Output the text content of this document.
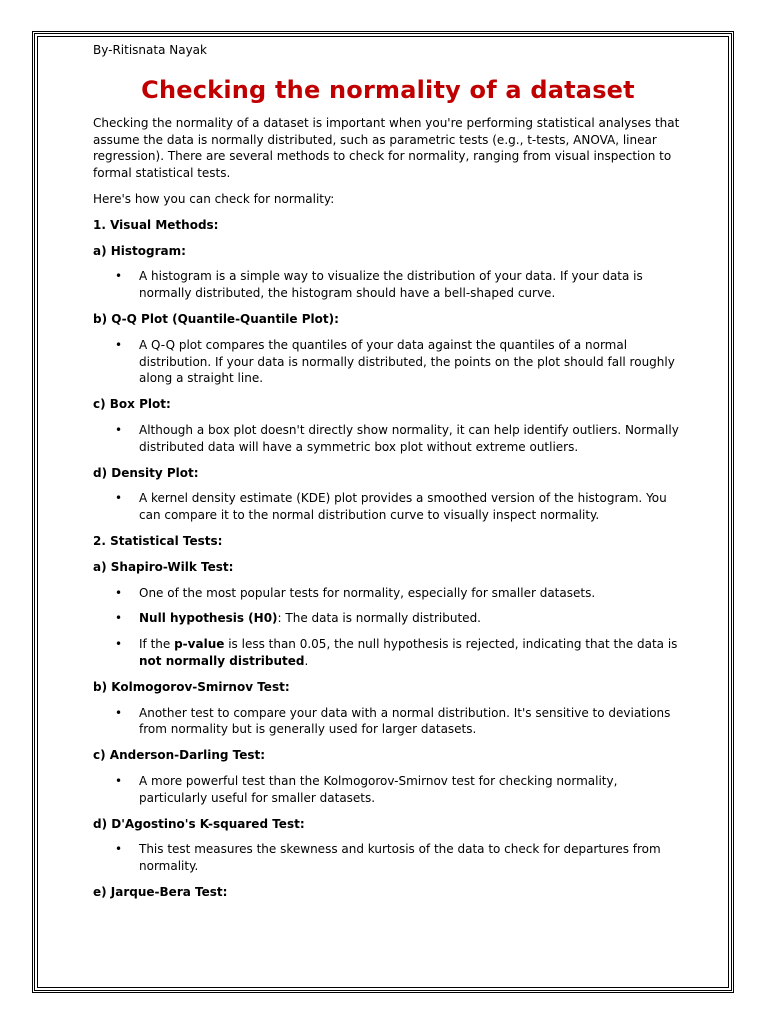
By-Ritisnata Nayak
Checking the normality of a dataset

Checking the normality of a dataset is important when you're performing statistical analyses that assume the data is normally distributed, such as parametric tests (e.g., t-tests, ANOVA, linear regression). There are several methods to check for normality, ranging from visual inspection to formal statistical tests.

Here's how you can check for normality:

1. Visual Methods:
a) Histogram:
• A histogram is a simple way to visualize the distribution of your data. If your data is normally distributed, the histogram should have a bell-shaped curve.
b) Q-Q Plot (Quantile-Quantile Plot):
• A Q-Q plot compares the quantiles of your data against the quantiles of a normal distribution. If your data is normally distributed, the points on the plot should fall roughly along a straight line.
c) Box Plot:
• Although a box plot doesn't directly show normality, it can help identify outliers. Normally distributed data will have a symmetric box plot without extreme outliers.
d) Density Plot:
• A kernel density estimate (KDE) plot provides a smoothed version of the histogram. You can compare it to the normal distribution curve to visually inspect normality.
2. Statistical Tests:
a) Shapiro-Wilk Test:
• One of the most popular tests for normality, especially for smaller datasets.
• Null hypothesis (H0): The data is normally distributed.
• If the p-value is less than 0.05, the null hypothesis is rejected, indicating that the data is not normally distributed.
b) Kolmogorov-Smirnov Test:
• Another test to compare your data with a normal distribution. It's sensitive to deviations from normality but is generally used for larger datasets.
c) Anderson-Darling Test:
• A more powerful test than the Kolmogorov-Smirnov test for checking normality, particularly useful for smaller datasets.
d) D'Agostino's K-squared Test:
• This test measures the skewness and kurtosis of the data to check for departures from normality.
e) Jarque-Bera Test:
